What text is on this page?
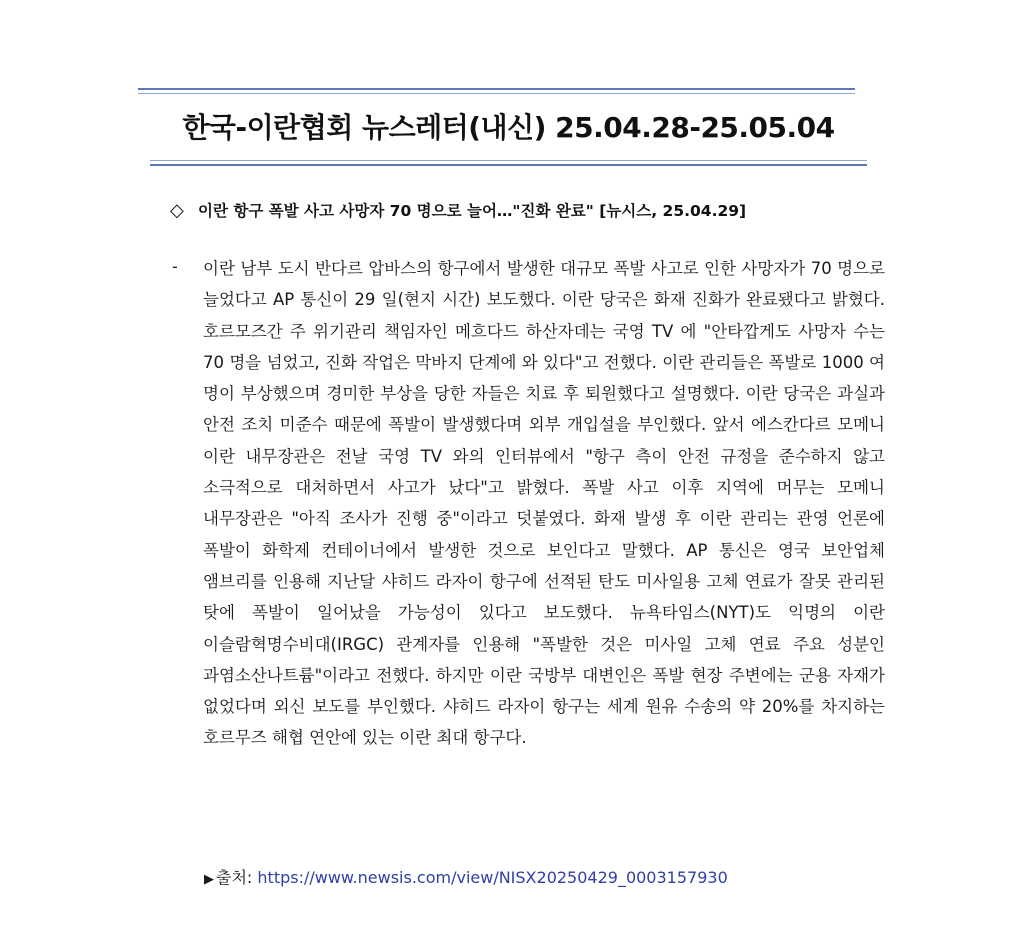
한국-이란협회 뉴스레터(내신) 25.04.28-25.05.04
◇ 이란 항구 폭발 사고 사망자 70 명으로 늘어…"진화 완료" [뉴시스, 25.04.29]
- 이란 남부 도시 반다르 압바스의 항구에서 발생한 대규모 폭발 사고로 인한 사망자가 70 명으로 늘었다고 AP 통신이 29 일(현지 시간) 보도했다. 이란 당국은 화재 진화가 완료됐다고 밝혔다. 호르모즈간 주 위기관리 책임자인 메흐다드 하산자데는 국영 TV 에 "안타깝게도 사망자 수는 70 명을 넘었고, 진화 작업은 막바지 단계에 와 있다"고 전했다. 이란 관리들은 폭발로 1000 여 명이 부상했으며 경미한 부상을 당한 자들은 치료 후 퇴원했다고 설명했다. 이란 당국은 과실과 안전 조치 미준수 때문에 폭발이 발생했다며 외부 개입설을 부인했다. 앞서 에스칸다르 모메니 이란 내무장관은 전날 국영 TV 와의 인터뷰에서 "항구 측이 안전 규정을 준수하지 않고 소극적으로 대처하면서 사고가 났다"고 밝혔다. 폭발 사고 이후 지역에 머무는 모메니 내무장관은 "아직 조사가 진행 중"이라고 덧붙였다. 화재 발생 후 이란 관리는 관영 언론에 폭발이 화학제 컨테이너에서 발생한 것으로 보인다고 말했다. AP 통신은 영국 보안업체 앰브리를 인용해 지난달 샤히드 라자이 항구에 선적된 탄도 미사일용 고체 연료가 잘못 관리된 탓에 폭발이 일어났을 가능성이 있다고 보도했다. 뉴욕타임스(NYT)도 익명의 이란 이슬람혁명수비대(IRGC) 관계자를 인용해 "폭발한 것은 미사일 고체 연료 주요 성분인 과염소산나트륨"이라고 전했다. 하지만 이란 국방부 대변인은 폭발 현장 주변에는 군용 자재가 없었다며 외신 보도를 부인했다. 샤히드 라자이 항구는 세계 원유 수송의 약 20%를 차지하는 호르무즈 해협 연안에 있는 이란 최대 항구다.
▶ 출처: https://www.newsis.com/view/NISX20250429_0003157930
